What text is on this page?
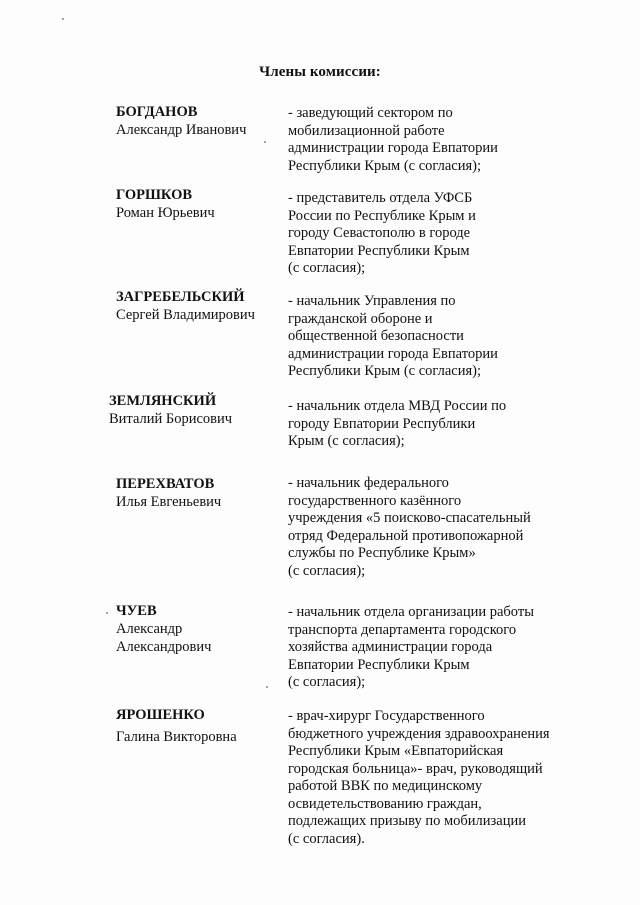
Члены комиссии:
БОГДАНОВ
Александр Иванович
- заведующий сектором по
мобилизационной работе
администрации города Евпатории
Республики Крым (с согласия);
ГОРШКОВ
Роман Юрьевич
- представитель отдела УФСБ
России по Республике Крым и
городу Севастополю в городе
Евпатории Республики Крым
(с согласия);
ЗАГРЕБЕЛЬСКИЙ
Сергей Владимирович
- начальник Управления по
гражданской обороне и
общественной безопасности
администрации города Евпатории
Республики Крым (с согласия);
ЗЕМЛЯНСКИЙ
Виталий Борисович
- начальник отдела МВД России по
городу Евпатории Республики
Крым (с согласия);
ПЕРЕХВАТОВ
Илья Евгеньевич
- начальник федерального
государственного казённого
учреждения «5 поисково-спасательный
отряд Федеральной противопожарной
службы по Республике Крым»
(с согласия);
ЧУЕВ
Александр
Александрович
- начальник отдела организации работы
транспорта департамента городского
хозяйства администрации города
Евпатории Республики Крым
(с согласия);
ЯРОШЕНКО
Галина Викторовна
- врач-хирург Государственного
бюджетного учреждения здравоохранения
Республики Крым «Евпаторийская
городская больница»- врач, руководящий
работой ВВК по медицинскому
освидетельствованию граждан,
подлежащих призыву по мобилизации
(с согласия).
